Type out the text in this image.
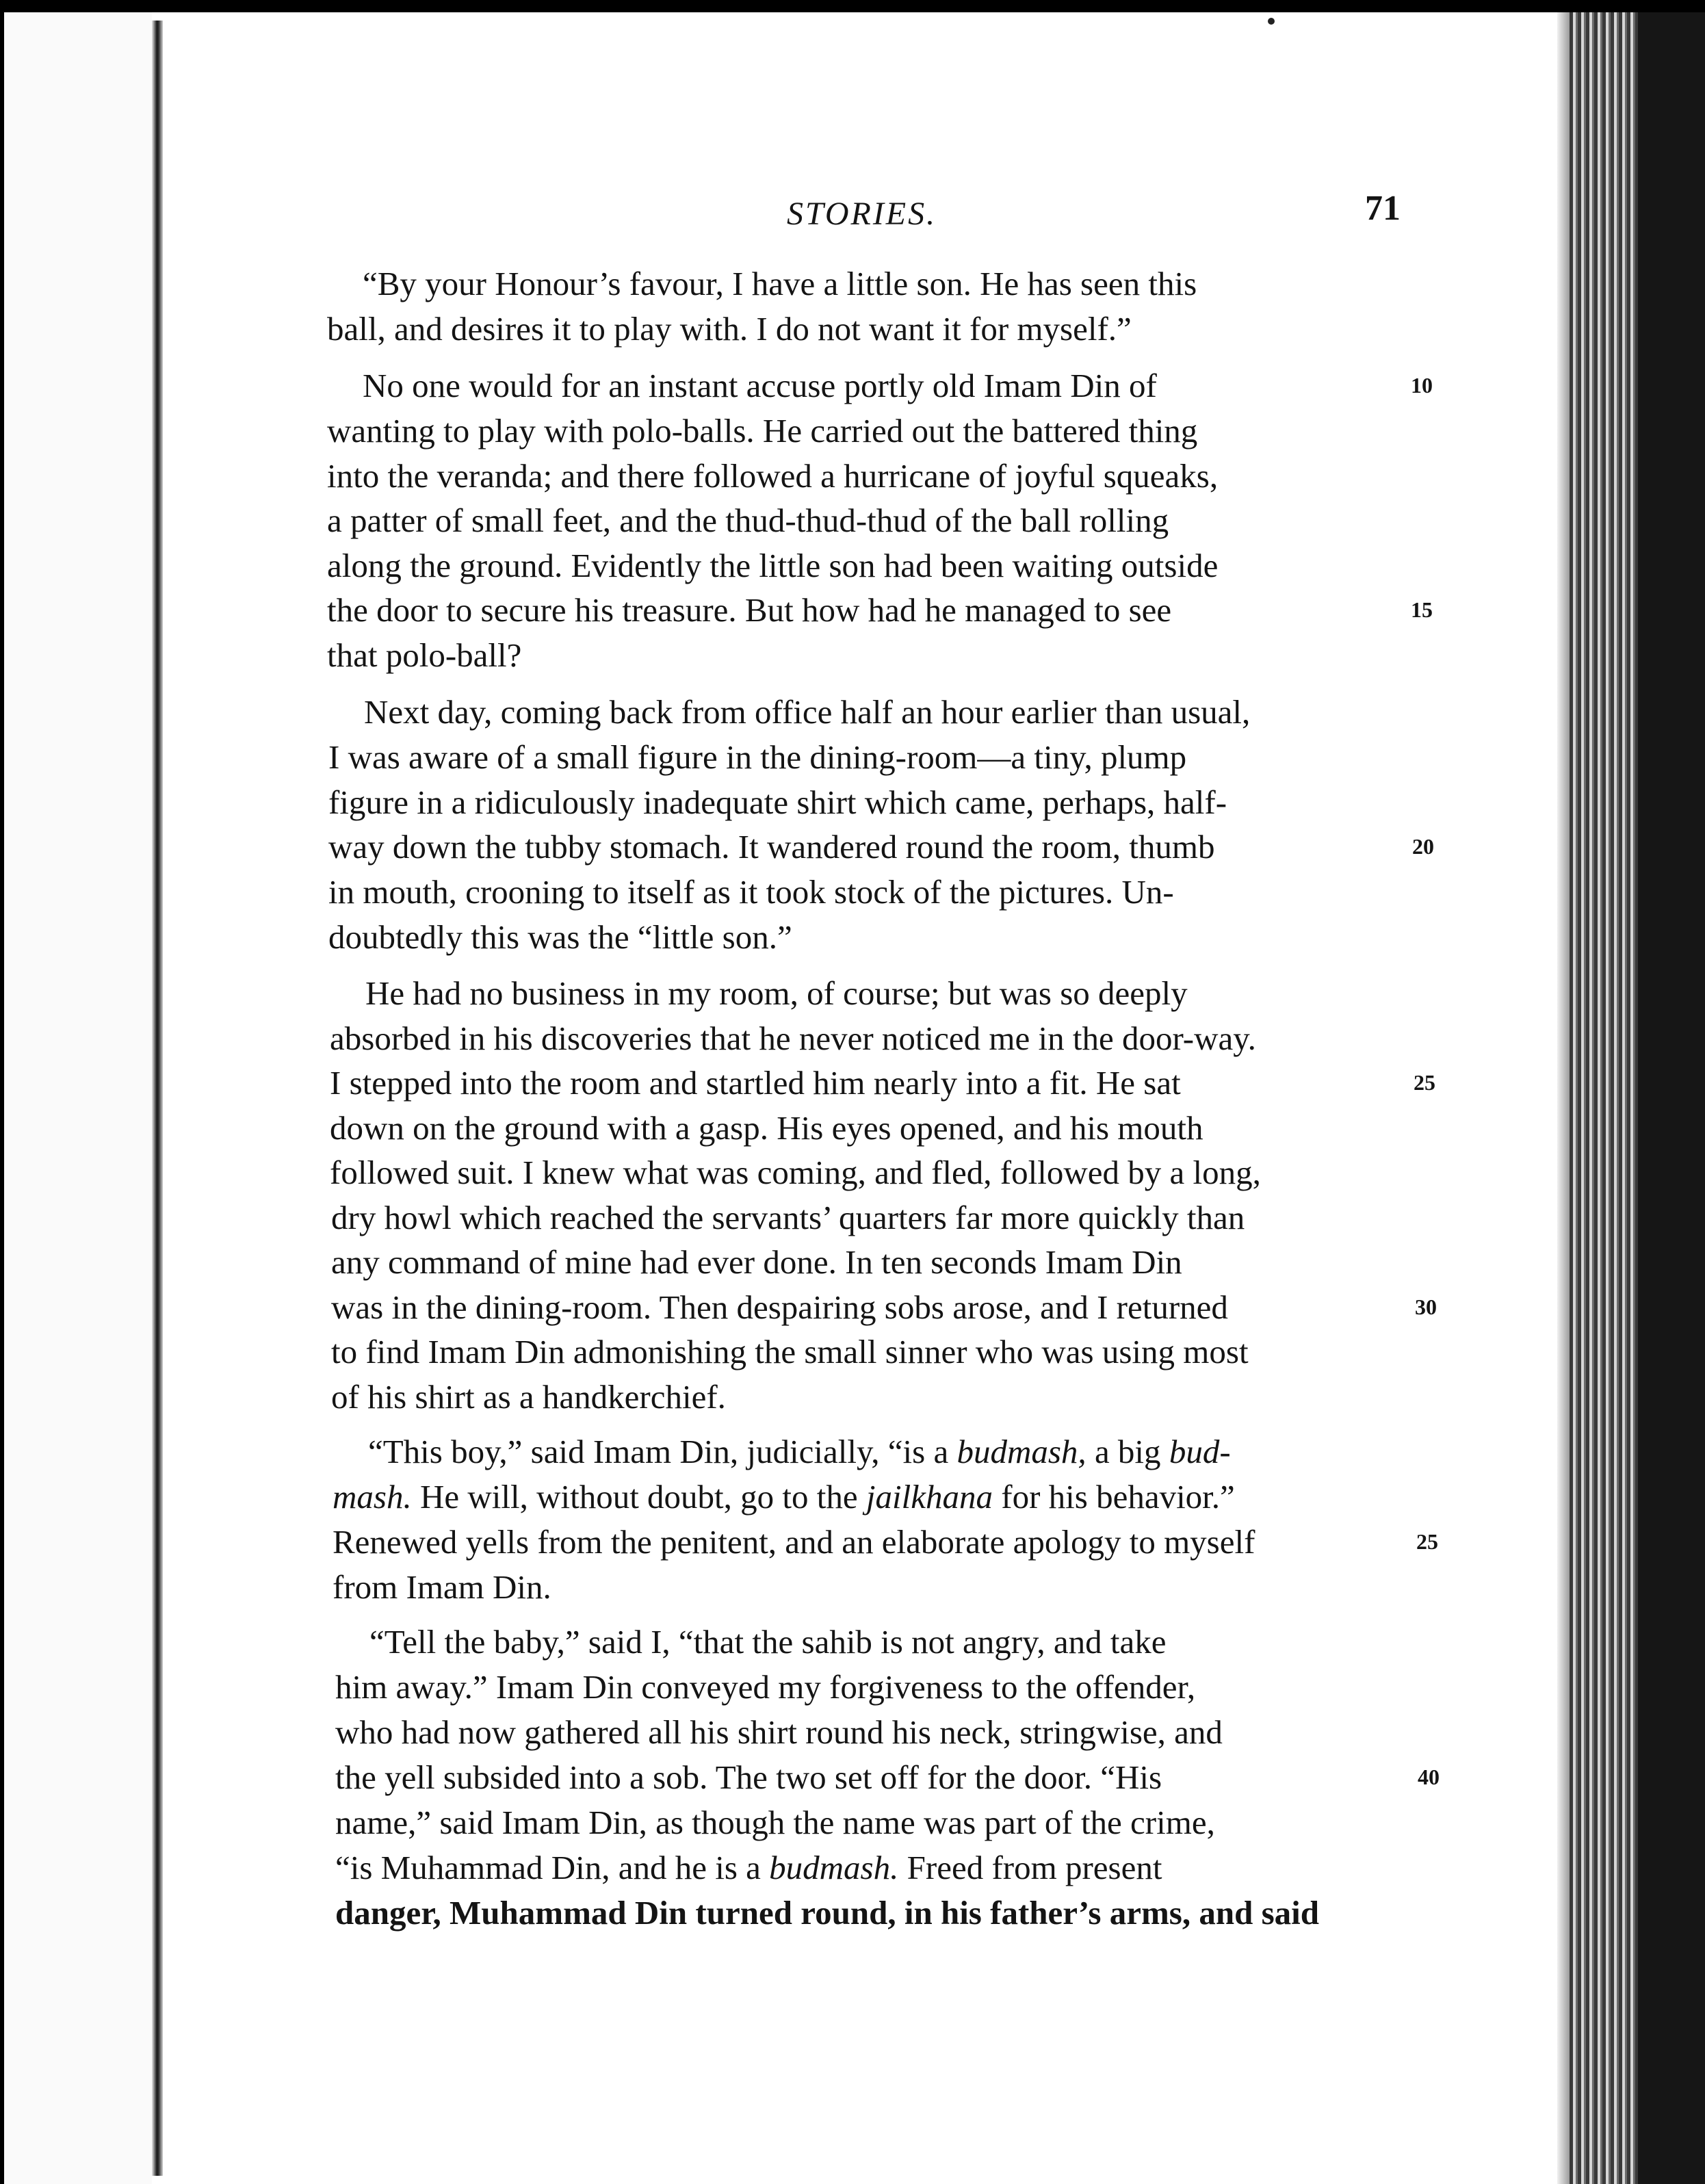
STORIES.	71
“By your Honour’s favour, I have a little son. He has seen this
ball, and desires it to play with. I do not want it for myself.”
No one would for an instant accuse portly old Imam Din of
wanting to play with polo-balls. He carried out the battered thing
into the veranda; and there followed a hurricane of joyful squeaks,
a patter of small feet, and the thud-thud-thud of the ball rolling
along the ground. Evidently the little son had been waiting outside
the door to secure his treasure. But how had he managed to see
that polo-ball?
Next day, coming back from office half an hour earlier than usual,
I was aware of a small figure in the dining-room—a tiny, plump
figure in a ridiculously inadequate shirt which came, perhaps, half-
way down the tubby stomach. It wandered round the room, thumb
in mouth, crooning to itself as it took stock of the pictures. Un-
doubtedly this was the “little son.”
He had no business in my room, of course; but was so deeply
absorbed in his discoveries that he never noticed me in the door-way.
I stepped into the room and startled him nearly into a fit. He sat
down on the ground with a gasp. His eyes opened, and his mouth
followed suit. I knew what was coming, and fled, followed by a long,
dry howl which reached the servants’ quarters far more quickly than
any command of mine had ever done. In ten seconds Imam Din
was in the dining-room. Then despairing sobs arose, and I returned
to find Imam Din admonishing the small sinner who was using most
of his shirt as a handkerchief.
“This boy,” said Imam Din, judicially, “is a budmash, a big bud-
mash. He will, without doubt, go to the jailkhana for his behavior.”
Renewed yells from the penitent, and an elaborate apology to myself
from Imam Din.
“Tell the baby,” said I, “that the sahib is not angry, and take
him away.” Imam Din conveyed my forgiveness to the offender,
who had now gathered all his shirt round his neck, stringwise, and
the yell subsided into a sob. The two set off for the door. “His
name,” said Imam Din, as though the name was part of the crime,
“is Muhammad Din, and he is a budmash. Freed from present
danger, Muhammad Din turned round, in his father’s arms, and said
10
15
20
25
30
25
40
